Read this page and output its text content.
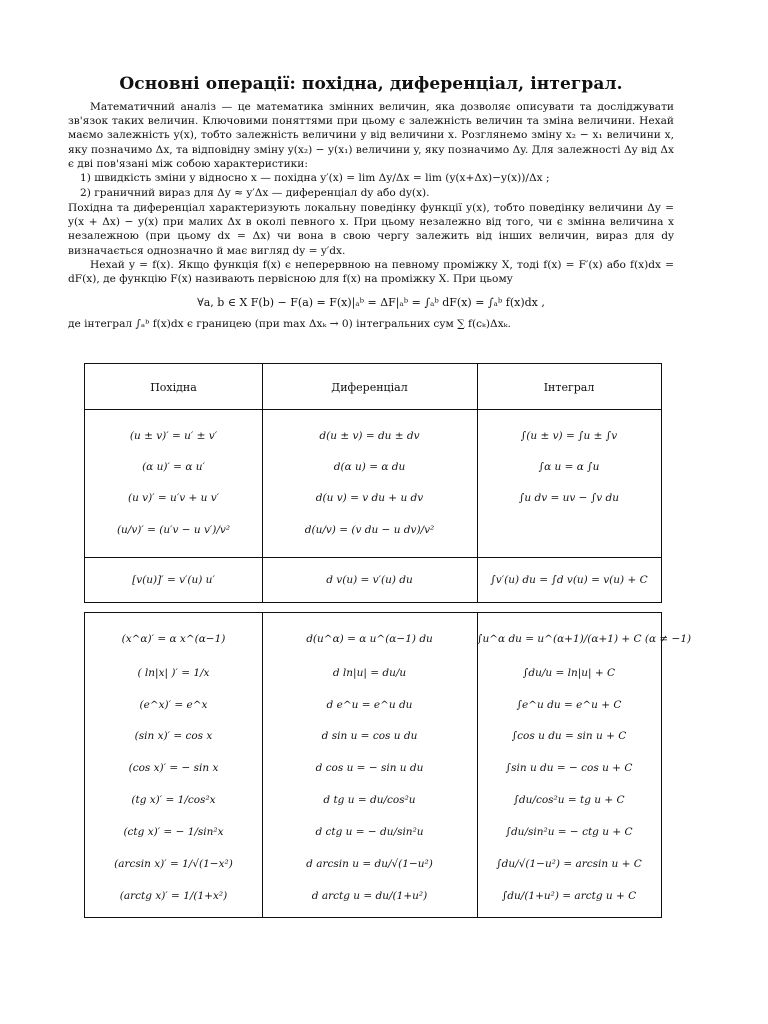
Основні операції: похідна, диференціал, інтеграл.

Математичний аналіз — це математика змінних величин, яка дозволяє описувати та досліджувати зв'язок таких величин. Ключовими поняттями при цьому є залежність величин та зміна величини. Нехай маємо залежність y(x), тобто залежність величини y від величини x. Розглянемо зміну x₂ − x₁ величини x, яку позначимо Δx, та відповідну зміну y(x₂) − y(x₁) величини y, яку позначимо Δy. Для залежності Δy від Δx є дві пов'язані між собою характеристики:

1) швидкість зміни y відносно x — похідна y′(x) = lim Δy/Δx = lim (y(x+Δx)−y(x))/Δx ;
2) граничний вираз для Δy ≈ y′Δx — диференціал dy або dy(x).

Похідна та диференціал характеризують локальну поведінку функції y(x), тобто поведінку величини Δy = y(x + Δx) − y(x) при малих Δx в околі певного x. При цьому незалежно від того, чи є змінна величина x незалежною (при цьому dx = Δx) чи вона в свою чергу залежить від інших величин, вираз для dy визначається однозначно й має вигляд dy = y′dx.

Нехай y = f(x). Якщо функція f(x) є неперервною на певному проміжку X, тоді f(x) = F′(x) або f(x)dx = dF(x), де функцію F(x) називають первісною для f(x) на проміжку X. При цьому

∀a, b ∈ X F(b) − F(a) = F(x)|ₐᵇ = ΔF|ₐᵇ = ∫ₐᵇ dF(x) = ∫ₐᵇ f(x)dx ,

де інтеграл ∫ₐᵇ f(x)dx є границею (при max Δxₖ → 0) інтегральних сум ∑ f(cₖ)Δxₖ.

Похідна	Диференціал	Інтеграл
(u ± v)′ = u′ ± v′	d(u ± v) = du ± dv	∫(u ± v) = ∫u ± ∫v
(α u)′ = α u′	d(α u) = α du	∫α u = α ∫u
(u v)′ = u′v + u v′	d(u v) = v du + u dv	∫u dv = uv − ∫v du
(u/v)′ = (u′v − u v′)/v²	d(u/v) = (v du − u dv)/v²
[v(u)]′ = v′(u) u′	d v(u) = v′(u) du	∫v′(u) du = ∫d v(u) = v(u) + C
(x^α)′ = α x^(α−1)	d(u^α) = α u^(α−1) du	∫u^α du = u^(α+1)/(α+1) + C (α ≠ −1)
( ln|x| )′ = 1/x	d ln|u| = du/u	∫du/u = ln|u| + C
(e^x)′ = e^x	d e^u = e^u du	∫e^u du = e^u + C
(sin x)′ = cos x	d sin u = cos u du	∫cos u du = sin u + C
(cos x)′ = − sin x	d cos u = − sin u du	∫sin u du = − cos u + C
(tg x)′ = 1/cos²x	d tg u = du/cos²u	∫du/cos²u = tg u + C
(ctg x)′ = − 1/sin²x	d ctg u = − du/sin²u	∫du/sin²u = − ctg u + C
(arcsin x)′ = 1/√(1−x²)	d arcsin u = du/√(1−u²)	∫du/√(1−u²) = arcsin u + C
(arctg x)′ = 1/(1+x²)	d arctg u = du/(1+u²)	∫du/(1+u²) = arctg u + C
